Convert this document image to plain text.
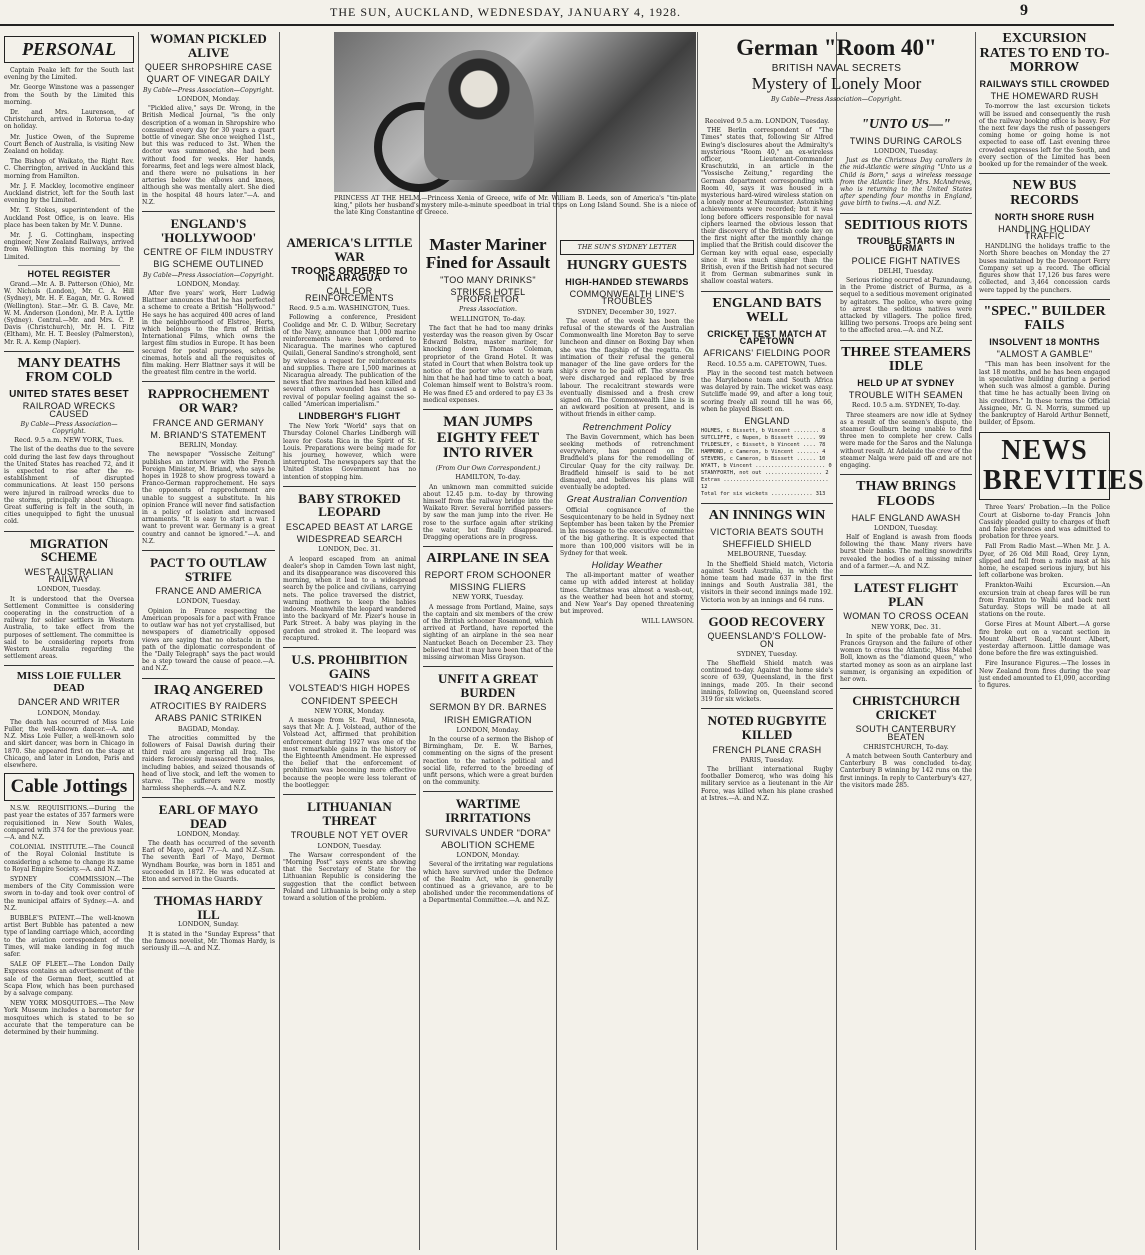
THE SUN, AUCKLAND, WEDNESDAY, JANUARY 4, 1928.	9
PERSONAL

Captain Peake left for the South last evening by the Limited.

Mr. George Winstone was a passenger from the South by the Limited this morning.

Dr. and Mrs. Laurenson, of Christchurch, arrived in Rotorua to-day on holiday.

Mr. Justice Owen, of the Supreme Court Bench of Australia, is visiting New Zealand on holiday.

The Bishop of Waikato, the Right Rev. C. Cherrington, arrived in Auckland this morning from Hamilton.

Mr. J. F. Mackley, locomotive engineer Auckland district, left for the South last evening by the Limited.

Mr. T. Stokes, superintendent of the Auckland Post Office, is on leave. His place has been taken by Mr. V. Dunne.

Mr. J. G. Cottingham, inspecting engineer, New Zealand Railways, arrived from Wellington this morning by the Limited.

HOTEL REGISTER

Grand.—Mr. A. B. Patterson (Ohio), Mr. W. Nichols (London), Mr. C. A. Hill (Sydney), Mr. H. F. Eagan, Mr. G. Rowed (Wellington). Star.—Mr. G. B. Cave, Mr. W. M. Anderson (London), Mr. P. A. Lyttle (Sydney). Central.—Mr. and Mrs. C. P. Davis (Christchurch), Mr. H. I. Fitz (Eltham), Mr. H. T. Beesley (Palmerston), Mr. R. A. Kemp (Napier).

MANY DEATHS FROM COLD
UNITED STATES BESET
RAILROAD WRECKS CAUSED
By Cable—Press Association—Copyright.
Recd. 9.5 a.m. NEW YORK, Tues.

The list of the deaths due to the severe cold during the last few days throughout the United States has reached 72, and it is expected to rise after the re-establishment of disrupted communications. At least 150 persons were injured in railroad wrecks due to the storms, principally about Chicago. Great suffering is felt in the south, in cities unequipped to fight the unusual cold.

MIGRATION SCHEME
WEST AUSTRALIAN RAILWAY
LONDON, Tuesday.

It is understood that the Oversea Settlement Committee is considering cooperating in the construction of a railway for soldier settlers in Western Australia, to take effect from the purposes of settlement. The committee is said to be considering reports from Western Australia regarding the settlement areas.

MISS LOIE FULLER DEAD
DANCER AND WRITER
LONDON, Monday.

The death has occurred of Miss Loie Fuller, the well-known dancer.—A. and N.Z. Miss Loie Fuller, a well-known solo and skirt dancer, was born in Chicago in 1870. She appeared first on the stage at Chicago, and later in London, Paris and elsewhere.

Cable Jottings

N.S.W. REQUISITIONS.—During the past year the estates of 357 farmers were requisitioned in New South Wales, compared with 374 for the previous year.—A. and N.Z.

COLONIAL INSTITUTE.—The Council of the Royal Colonial Institute is considering a scheme to change its name to Royal Empire Society.—A. and N.Z.

SYDNEY COMMISSION.—The members of the City Commission were sworn in to-day and took over control of the municipal affairs of Sydney.—A. and N.Z.

BUBBLE'S PATENT.—The well-known artist Bert Bubble has patented a new type of landing carriage which, according to the aviation correspondent of the Times, will make landing in fog much safer.

SALE OF FLEET.—The London Daily Express contains an advertisement of the sale of the German fleet, scuttled at Scapa Flow, which has been purchased by a salvage company.

NEW YORK MOSQUITOES.—The New York Museum includes a barometer for mosquitoes which is stated to be so accurate that the temperature can be determined by their humming.

WOMAN PICKLED ALIVE
QUEER SHROPSHIRE CASE
QUART OF VINEGAR DAILY
By Cable—Press Association—Copyright.
LONDON, Monday.

"Pickled alive," says Dr. Wrong, in the British Medical Journal, "is the only description of a woman in Shropshire who consumed every day for 30 years a quart bottle of vinegar. She once weighed 11st., but this was reduced to 3st. When the doctor was summoned, she had been without food for weeks. Her hands, forearms, feet and legs were almost black, and there were no pulsations in her arteries below the elbows and knees, although she was mentally alert. She died in the hospital 48 hours later."—A. and N.Z.

ENGLAND'S 'HOLLYWOOD'
CENTRE OF FILM INDUSTRY
BIG SCHEME OUTLINED
By Cable—Press Association—Copyright.
LONDON, Monday.

After five years' work, Herr Ludwig Blattner announces that he has perfected a scheme to create a British "Hollywood." He says he has acquired 400 acres of land in the neighbourhood of Elstree, Herts, which belongs to the firm of British International Films, which owns the largest film studios in Europe. It has been secured for postal purposes, schools, cinemas, hotels and all the requisites of film making. Herr Blattner says it will be the greatest film centre in the world.

RAPPROCHEMENT OR WAR?
FRANCE AND GERMANY
M. BRIAND'S STATEMENT
BERLIN, Monday.

The newspaper "Vossische Zeitung" publishes an interview with the French Foreign Minister, M. Briand, who says he hopes in 1928 to show progress toward a Franco-German rapprochement. He says the opponents of rapprochement are unable to suggest a substitute. In his opinion France will never find satisfaction in a policy of isolation and increased armaments. "It is easy to start a war. I want to prevent war. Germany is a great country and cannot be ignored."—A. and N.Z.

PACT TO OUTLAW STRIFE
FRANCE AND AMERICA
LONDON, Tuesday.

Opinion in France respecting the American proposals for a pact with France to outlaw war has not yet crystallised, but newspapers of diametrically opposed views are saying that no obstacle in the path of the diplomatic correspondent of the "Daily Telegraph" says the pact would be a step toward the cause of peace.—A. and N.Z.

IRAQ ANGERED
ATROCITIES BY RAIDERS
ARABS PANIC STRIKEN
BAGDAD, Monday.

The atrocities committed by the followers of Faisal Dawish during their third raid are angering all Iraq. The raiders ferociously massacred the males, including babies, and seized thousands of head of live stock, and left the women to starve. The sufferers were mostly harmless shepherds.—A. and N.Z.

EARL OF MAYO DEAD
LONDON, Monday.

The death has occurred of the seventh Earl of Mayo, aged 77.—A. and N.Z.-Sun. The seventh Earl of Mayo, Dermot Wyndham Bourke, was born in 1851 and succeeded in 1872. He was educated at Eton and served in the Guards.

THOMAS HARDY ILL
LONDON, Sunday.

It is stated in the "Sunday Express" that the famous novelist, Mr. Thomas Hardy, is seriously ill.—A. and N.Z.

PRINCESS AT THE HELM.—Princess Xenia of Greece, wife of Mr. William B. Leeds, son of America's "tin-plate king," pilots her husband's mystery mile-a-minute speedboat in trial trips on Long Island Sound. She is a niece of the late King Constantine of Greece.
AMERICA'S LITTLE WAR
TROOPS ORDERED TO NICARAGUA
CALL FOR REINFORCEMENTS
Recd. 9.5 a.m. WASHINGTON, Tues.

Following a conference, President Coolidge and Mr. C. D. Wilbur, Secretary of the Navy, announce that 1,000 marine reinforcements have been ordered to Nicaragua. The marines who captured Quilali, General Sandino's stronghold, sent by wireless a request for reinforcements and supplies. There are 1,500 marines at Nicaragua already. The publication of the news that five marines had been killed and several others wounded has caused a revival of popular feeling against the so-called "American imperialism."

LINDBERGH'S FLIGHT

The New York "World" says that on Thursday Colonel Charles Lindbergh will leave for Costa Rica in the Spirit of St. Louis. Preparations were being made for his journey, however, which were interrupted. The newspapers say that the United States Government has no intention of stopping him.

BABY STROKED LEOPARD
ESCAPED BEAST AT LARGE
WIDESPREAD SEARCH
LONDON, Dec. 31.

A leopard escaped from an animal dealer's shop in Camden Town last night, and its disappearance was discovered this morning, when it lead to a widespread search by the police and civilians, carrying nets. The police traversed the district, warning mothers to keep the babies indoors. Meanwhile the leopard wandered into the backyard of Mr. Pizer's house in Park Street. A baby was playing in the garden and stroked it. The leopard was recaptured.

U.S. PROHIBITION GAINS
VOLSTEAD'S HIGH HOPES
CONFIDENT SPEECH
NEW YORK, Monday.

A message from St. Paul, Minnesota, says that Mr. A. J. Volstead, author of the Volstead Act, affirmed that prohibition enforcement during 1927 was one of the most remarkable gains in the history of the Eighteenth Amendment. He expressed the belief that the enforcement of prohibition was becoming more effective because the people were less tolerant of the bootlegger.

LITHUANIAN THREAT
TROUBLE NOT YET OVER
LONDON, Tuesday.

The Warsaw correspondent of the "Morning Post" says events are showing that the Secretary of State for the Lithuanian Republic is considering the suggestion that the conflict between Poland and Lithuania is being only a step toward a solution of the problem.

Master Mariner Fined for Assault
"TOO MANY DRINKS"
STRIKES HOTEL PROPRIETOR
Press Association.
WELLINGTON, To-day.

The fact that he had too many drinks yesterday was the reason given by Oscar Edward Bolstra, master mariner, for knocking down Thomas Coleman, proprietor of the Grand Hotel. It was stated in Court that when Bolstra took up notice of the porter who went to warn him that he had had time to catch a boat, Coleman himself went to Bolstra's room. He was fined £5 and ordered to pay £3 3s medical expenses.

MAN JUMPS EIGHTY FEET INTO RIVER
(From Our Own Correspondent.)
HAMILTON, To-day.

An unknown man committed suicide about 12.45 p.m. to-day by throwing himself from the railway bridge into the Waikato River. Several horrified passers-by saw the man jump into the river. He rose to the surface again after striking the water, but finally disappeared. Dragging operations are in progress.

AIRPLANE IN SEA
REPORT FROM SCHOONER
MISSING FLIERS
NEW YORK, Tuesday.

A message from Portland, Maine, says the captain and six members of the crew of the British schooner Rosamond, which arrived at Portland, have reported the sighting of an airplane in the sea near Nantucket Beach on December 23. They believed that it may have been that of the missing airwoman Miss Grayson.

UNFIT A GREAT BURDEN
SERMON BY DR. BARNES
IRISH EMIGRATION
LONDON, Monday.

In the course of a sermon the Bishop of Birmingham, Dr. E. W. Barnes, commenting on the signs of the present reaction to the nation's political and social life, referred to the breeding of unfit persons, which were a great burden on the community.

WARTIME IRRITATIONS
SURVIVALS UNDER "DORA"
ABOLITION SCHEME
LONDON, Monday.

Several of the irritating war regulations which have survived under the Defence of the Realm Act, who is generally continued as a grievance, are to be abolished under the recommendations of a Departmental Committee.—A. and N.Z.

THE SUN'S SYDNEY LETTER
HUNGRY GUESTS
HIGH-HANDED STEWARDS
COMMONWEALTH LINE'S TROUBLES
SYDNEY, December 30, 1927.

The event of the week has been the refusal of the stewards of the Australian Commonwealth line Moreton Bay to serve luncheon and dinner on Boxing Day when she was the flagship of the regatta. On intimation of their refusal the general manager of the line gave orders for the ship's crew to be paid off. The stewards were discharged and replaced by free labour. The recalcitrant stewards were eventually dismissed and a fresh crew signed on. The Commonwealth Line is in an awkward position at present, and is without friends in either camp.

Retrenchment Policy

The Bavin Government, which has been seeking methods of retrenchment everywhere, has pounced on Dr. Bradfield's plans for the remodelling of Circular Quay for the city railway. Dr. Bradfield himself is said to be not dismayed, and believes his plans will eventually be adopted.

Great Australian Convention

Official cognisance of the Sesquicentenary to be held in Sydney next September has been taken by the Premier in his message to the executive committee of the big gathering. It is expected that more than 100,000 visitors will be in Sydney for that week.

Holiday Weather

The all-important matter of weather came up with added interest at holiday times. Christmas was almost a wash-out, as the weather had been hot and stormy, and New Year's Day opened threatening but improved.

WILL LAWSON.
German "Room 40"
BRITISH NAVAL SECRETS
Mystery of Lonely Moor
By Cable—Press Association—Copyright.
Received 9.5 a.m. LONDON, Tuesday.

THE Berlin correspondent of "The Times" states that, following Sir Alfred Ewing's disclosures about the Admiralty's mysterious "Room 40," an ex-wireless officer, Lieutenant-Commander Kraschutzki, in an article in the "Vossische Zeitung," regarding the German department corresponding with Room 40, says it was housed in a mysterious hard-wired wireless station on a lonely moor at Neumunster. Astonishing achievements were recorded; but it was long before officers responsible for naval ciphers learned the obvious lesson that their discovery of the British code key on the first night after the monthly change implied that the British could discover the German key with equal ease, especially since it was much simpler than the British, even if the British had not secured it from German submarines sunk in shallow coastal waters.

ENGLAND BATS WELL
CRICKET TEST MATCH AT CAPETOWN
AFRICANS' FIELDING POOR
Recd. 10.55 a.m. CAPETOWN, Tues.

Play in the second test match between the Marylebone team and South Africa was delayed by rain. The wicket was easy. Sutcliffe made 99, and after a long tour, scoring freely all round till he was 66, when he played Bissett on.

ENGLAND
HOLMES, c Bissett, b Vincent ........ 8
SUTCLIFFE, c Nupen, b Bissett ...... 99
TYLDESLEY, c Bissett, b Vincent .... 78
HAMMOND, c Cameron, b Vincent ....... 4
STEVENS, c Cameron, b Bissett ...... 10
WYATT, b Vincent ...................... 0
STANYFORTH, not out .................. 2
Extras ................................. 12
Total for six wickets ............. 313
AN INNINGS WIN
VICTORIA BEATS SOUTH
SHEFFIELD SHIELD
MELBOURNE, Tuesday.

In the Sheffield Shield match, Victoria against South Australia, in which the home team had made 637 in the first innings and South Australia 381, the visitors in their second innings made 192. Victoria won by an innings and 64 runs.

GOOD RECOVERY
QUEENSLAND'S FOLLOW-ON
SYDNEY, Tuesday.

The Sheffield Shield match was continued to-day. Against the home side's score of 639, Queensland, in the first innings, made 205. In their second innings, following on, Queensland scored 319 for six wickets.

NOTED RUGBYITE KILLED
FRENCH PLANE CRASH
PARIS, Tuesday.

The brilliant international Rugby footballer Domercq, who was doing his military service as a lieutenant in the Air Force, was killed when his plane crashed at Istres.—A. and N.Z.

"UNTO US—"
TWINS DURING CAROLS
LONDON, Tuesday.

Just as the Christmas Day carollers in the mid-Atlantic were singing "Unto us a Child is Born," says a wireless message from the Atlantic liner, Mrs. McAndrews, who is returning to the United States after spending four months in England, gave birth to twins.—A. and N.Z.

SEDITIOUS RIOTS
TROUBLE STARTS IN BURMA
POLICE FIGHT NATIVES
DELHI, Tuesday.

Serious rioting occurred at Pazundaung, in the Prome district of Burma, as a sequel to a seditious movement originated by agitators. The police, who were going to arrest the seditious natives were attacked by villagers. The police fired, killing two persons. Troops are being sent to the affected area.—A. and N.Z.

THREE STEAMERS IDLE
HELD UP AT SYDNEY
TROUBLE WITH SEAMEN
Recd. 10.5 a.m. SYDNEY, To-day.

Three steamers are now idle at Sydney as a result of the seamen's dispute, the steamer Goulburn being unable to find three men to complete her crew. Calls were made for the Saros and the Nalunga without result. At Adelaide the crew of the steamer Nalga were paid off and are not engaging.

THAW BRINGS FLOODS
HALF ENGLAND AWASH
LONDON, Tuesday.

Half of England is awash from floods following the thaw. Many rivers have burst their banks. The melting snowdrifts revealed the bodies of a missing miner and of a farmer.—A. and N.Z.

LATEST FLIGHT PLAN
WOMAN TO CROSS OCEAN
NEW YORK, Dec. 31.

In spite of the probable fate of Mrs. Frances Grayson and the failure of other women to cross the Atlantic, Miss Mabel Boll, known as the "diamond queen," who started money as soon as an airplane last summer, is organising an expedition of her own.

CHRISTCHURCH CRICKET
SOUTH CANTERBURY BEATEN
CHRISTCHURCH, To-day.

A match between South Canterbury and Canterbury B was concluded to-day, Canterbury B winning by 142 runs on the first innings. In reply to Canterbury's 427, the visitors made 285.

EXCURSION RATES TO END TO-MORROW
RAILWAYS STILL CROWDED
THE HOMEWARD RUSH

To-morrow the last excursion tickets will be issued and consequently the rush of the railway booking office is heavy. For the next few days the rush of passengers coming home or going home is not expected to ease off. Last evening three crowded expresses left for the South, and every section of the Limited has been booked up for the remainder of the week.

NEW BUS RECORDS
NORTH SHORE RUSH
HANDLING HOLIDAY TRAFFIC

HANDLING the holidays traffic to the North Shore beaches on Monday the 27 buses maintained by the Devonport Ferry Company set up a record. The official figures show that 17,126 bus fares were collected, and 3,464 concession cards were tapped by the punchers.

"SPEC." BUILDER FAILS
INSOLVENT 18 MONTHS
"ALMOST A GAMBLE"

"This man has been insolvent for the last 18 months, and he has been engaged in speculative building during a period when such was almost a gamble. During that time he has actually been living on his creditors." In these terms the Official Assignee, Mr. G. N. Morris, summed up the bankruptcy of Harold Arthur Bennett, builder, of Epsom.

NEWS BREVITIES

Three Years' Probation.—In the Police Court at Gisborne to-day Francis John Cassidy pleaded guilty to charges of theft and false pretences and was admitted to probation for three years.

Fall From Radio Mast.—When Mr. J. A. Dyer, of 26 Old Mill Road, Grey Lynn, slipped and fell from a radio mast at his home, he escaped serious injury, but his left collarbone was broken.

Frankton-Waihi Excursion.—An excursion train at cheap fares will be run from Frankton to Waihi and back next Saturday. Stops will be made at all stations on the route.

Gorse Fires at Mount Albert.—A gorse fire broke out on a vacant section in Mount Albert Road, Mount Albert, yesterday afternoon. Little damage was done before the fire was extinguished.

Fire Insurance Figures.—The losses in New Zealand from fires during the year just ended amounted to £1,090, according to figures.
